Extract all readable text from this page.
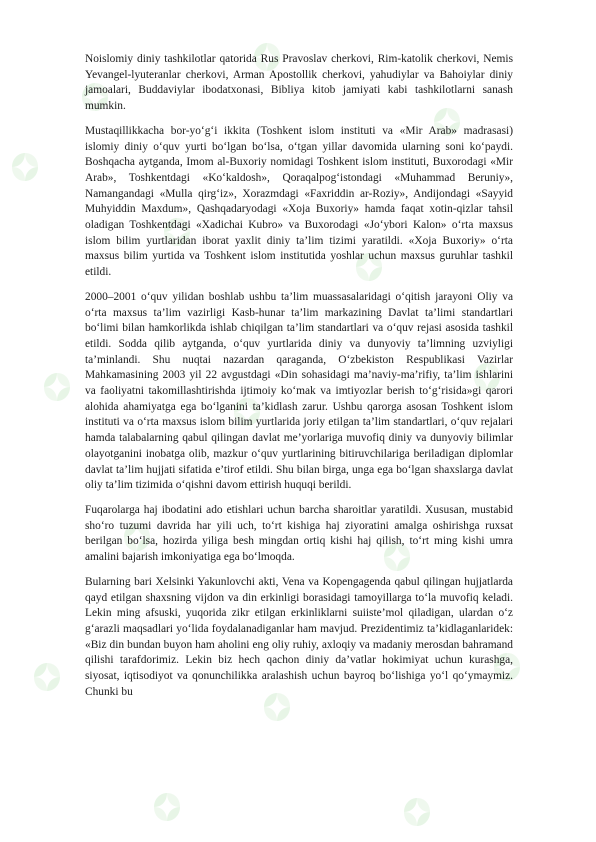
Noislomiy diniy tashkilotlar qatorida Rus Pravoslav cherkovi, Rim-katolik cherkovi, Nemis Yevangel-lyuteranlar cherkovi, Arman Apostollik cherkovi, yahudiylar va Bahoiylar diniy jamoalari, Buddaviylar ibodatxonasi, Bibliya kitob jamiyati kabi tashkilotlarni sanash mumkin.

Mustaqillikkacha bor-yo‘g‘i ikkita (Toshkent islom instituti va «Mir Arab» madrasasi) islomiy diniy o‘quv yurti bo‘lgan bo‘lsa, o‘tgan yillar davomida ularning soni ko‘paydi. Boshqacha aytganda, Imom al-Buxoriy nomidagi Toshkent islom instituti, Buxorodagi «Mir Arab», Toshkentdagi «Ko‘kaldosh», Qoraqalpog‘istondagi «Muhammad Beruniy», Namangandagi «Mulla qirg‘iz», Xorazmdagi «Faxriddin ar-Roziy», Andijondagi «Sayyid Muhyiddin Maxdum», Qashqadaryodagi «Xoja Buxoriy» hamda faqat xotin-qizlar tahsil oladigan Toshkentdagi «Xadichai Kubro» va Buxorodagi «Jo‘ybori Kalon» o‘rta maxsus islom bilim yurtlaridan iborat yaxlit diniy ta’lim tizimi yaratildi. «Xoja Buxoriy» o‘rta maxsus bilim yurtida va Toshkent islom institutida yoshlar uchun maxsus guruhlar tashkil etildi.

2000–2001 o‘quv yilidan boshlab ushbu ta’lim muassasalaridagi o‘qitish jarayoni Oliy va o‘rta maxsus ta’lim vazirligi Kasb-hunar ta’lim markazining Davlat ta’limi standartlari bo‘limi bilan hamkorlikda ishlab chiqilgan ta’lim standartlari va o‘quv rejasi asosida tashkil etildi. Sodda qilib aytganda, o‘quv yurtlarida diniy va dunyoviy ta’limning uzviyligi ta’minlandi. Shu nuqtai nazardan qaraganda, O‘zbekiston Respublikasi Vazirlar Mahkamasining 2003 yil 22 avgustdagi «Din sohasidagi ma’naviy-ma’rifiy, ta’lim ishlarini va faoliyatni takomillashtirishda ijtimoiy ko‘mak va imtiyozlar berish to‘g‘risida»gi qarori alohida ahamiyatga ega bo‘lganini ta’kidlash zarur. Ushbu qarorga asosan Toshkent islom instituti va o‘rta maxsus islom bilim yurtlarida joriy etilgan ta’lim standartlari, o‘quv rejalari hamda talabalarning qabul qilingan davlat me’yorlariga muvofiq diniy va dunyoviy bilimlar olayotganini inobatga olib, mazkur o‘quv yurtlarining bitiruvchilariga beriladigan diplomlar davlat ta’lim hujjati sifatida e’tirof etildi. Shu bilan birga, unga ega bo‘lgan shaxslarga davlat oliy ta’lim tizimida o‘qishni davom ettirish huquqi berildi.

Fuqarolarga haj ibodatini ado etishlari uchun barcha sharoitlar yaratildi. Xususan, mustabid sho‘ro tuzumi davrida har yili uch, to‘rt kishiga haj ziyoratini amalga oshirishga ruxsat berilgan bo‘lsa, hozirda yiliga besh mingdan ortiq kishi haj qilish, to‘rt ming kishi umra amalini bajarish imkoniyatiga ega bo‘lmoqda.

Bularning bari Xelsinki Yakunlovchi akti, Vena va Kopengagenda qabul qilingan hujjatlarda qayd etilgan shaxsning vijdon va din erkinligi borasidagi tamoyillarga to‘la muvofiq keladi. Lekin ming afsuski, yuqorida zikr etilgan erkinliklarni suiiste’mol qiladigan, ulardan o‘z g‘arazli maqsadlari yo‘lida foydalanadiganlar ham mavjud. Prezidentimiz ta’kidlaganlaridek: «Biz din bundan buyon ham aholini eng oliy ruhiy, axloqiy va madaniy merosdan bahramand qilishi tarafdorimiz. Lekin biz hech qachon diniy da’vatlar hokimiyat uchun kurashga, siyosat, iqtisodiyot va qonunchilikka aralashish uchun bayroq bo‘lishiga yo‘l qo‘ymaymiz. Chunki bu
